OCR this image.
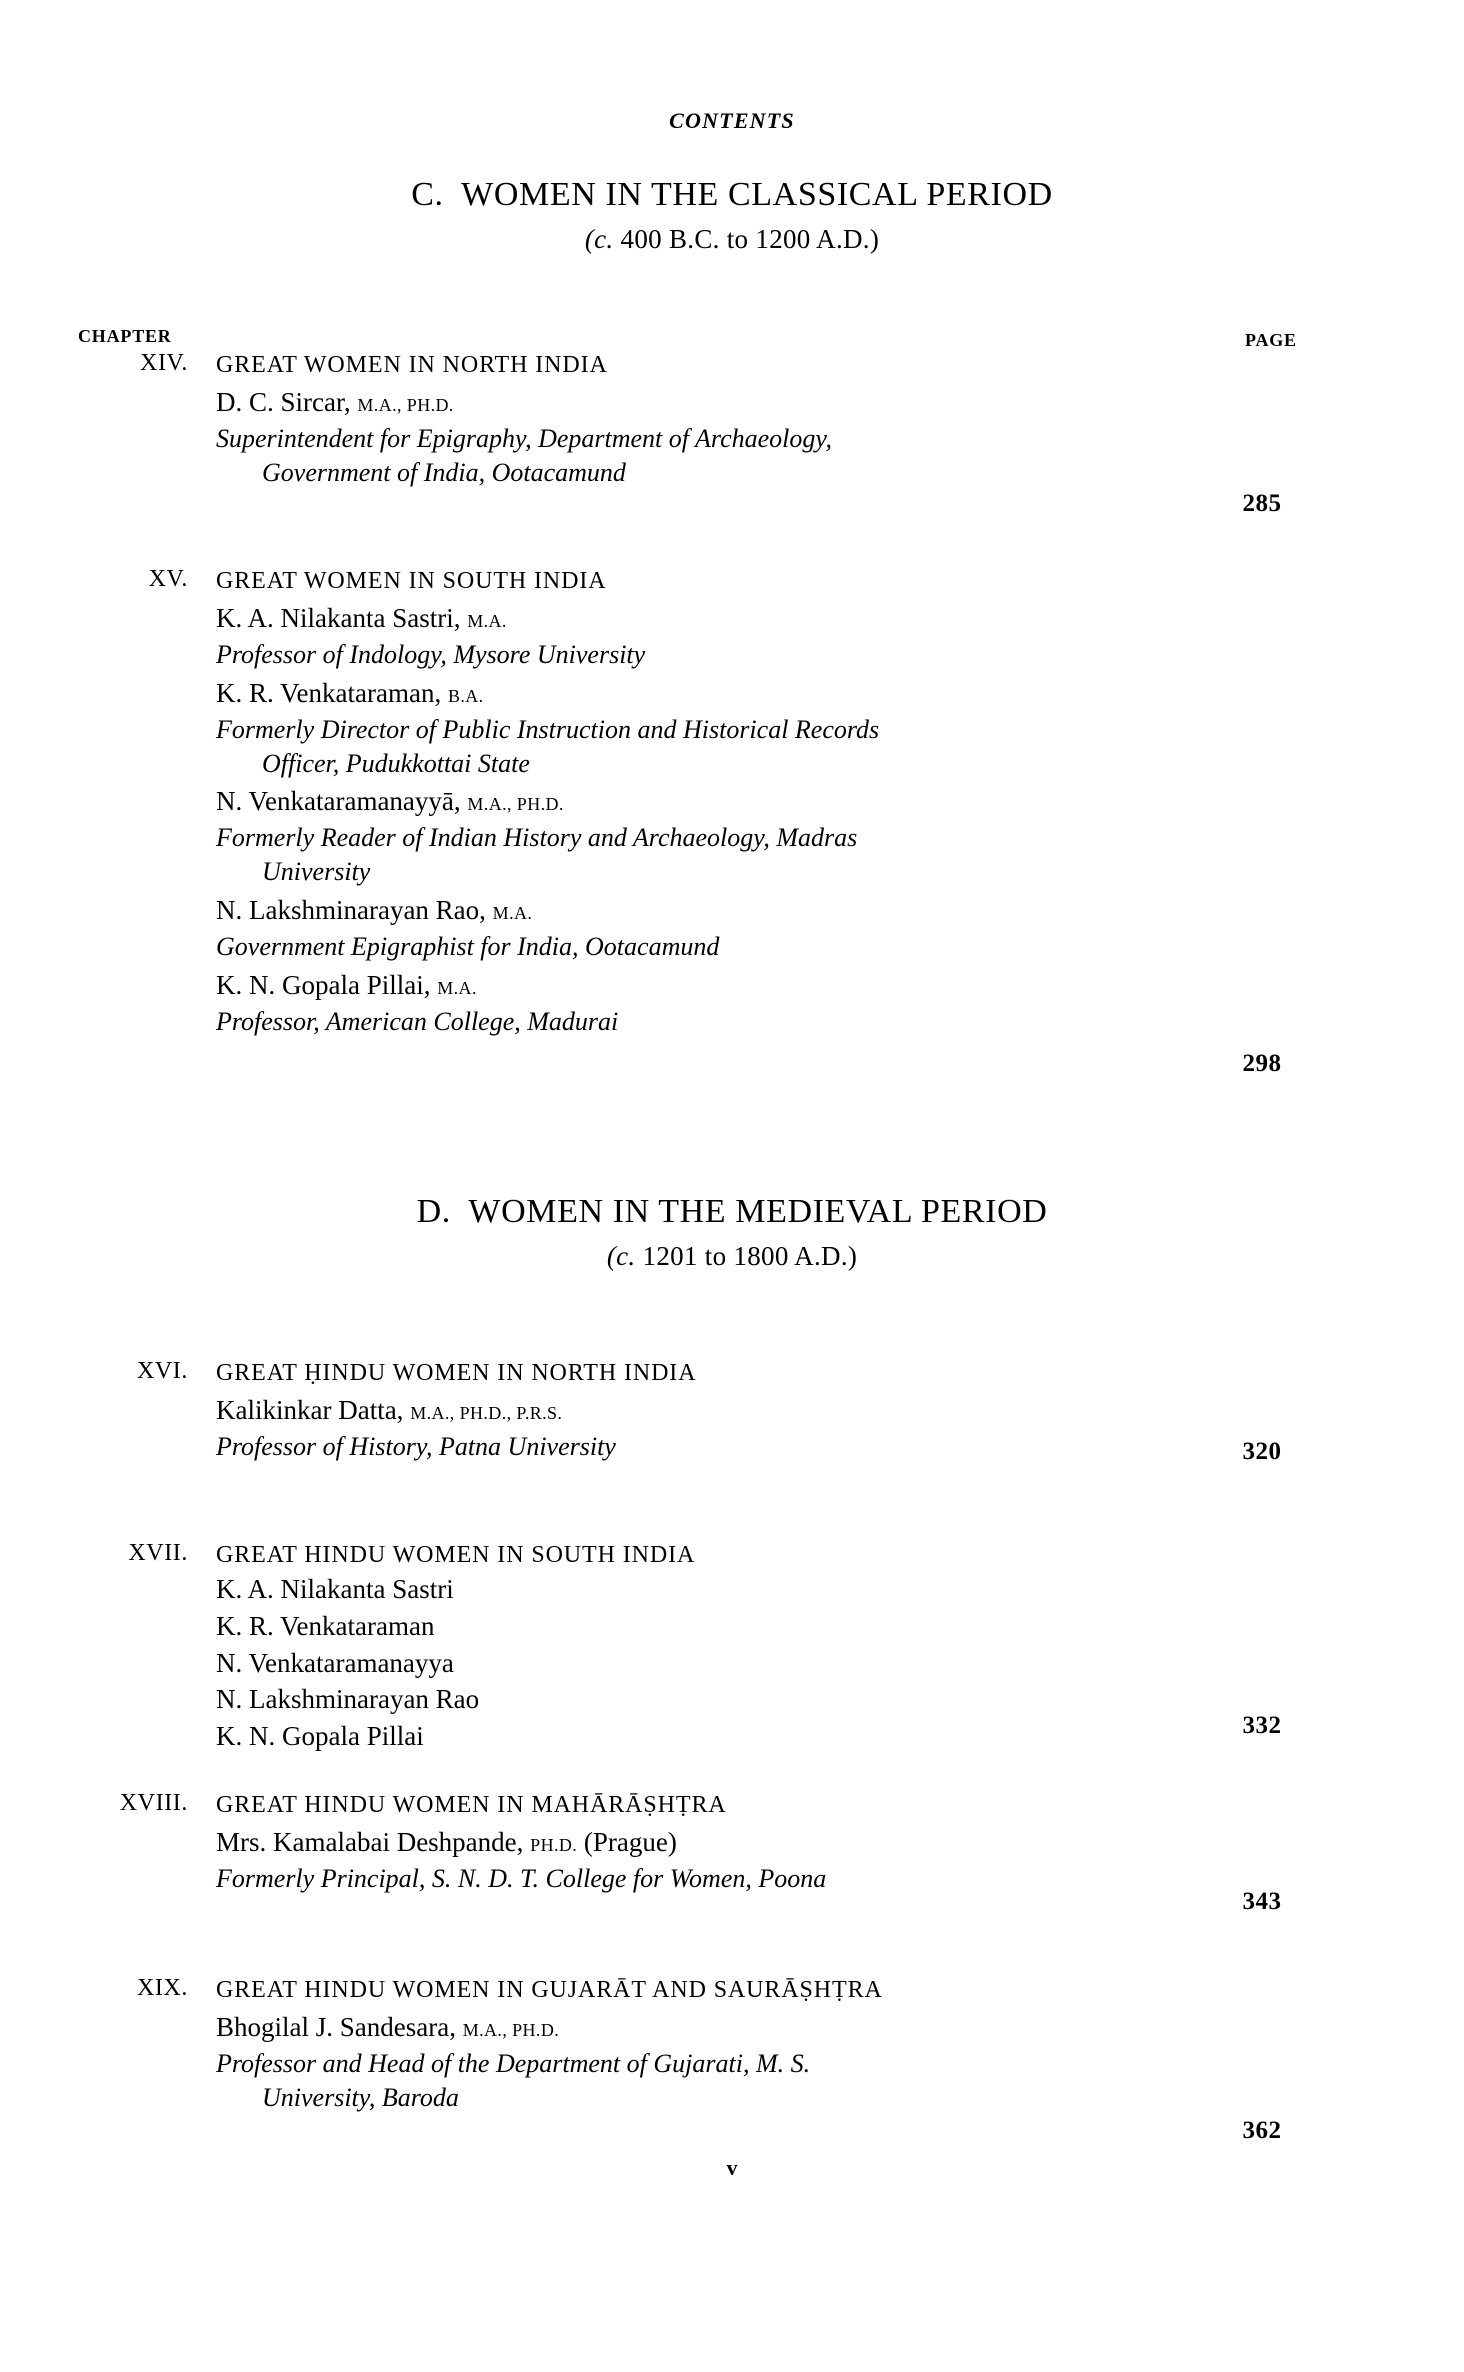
CONTENTS
C.  WOMEN IN THE CLASSICAL PERIOD
(c. 400 B.C. to 1200 A.D.)
CHAPTER	PAGE
XIV. GREAT WOMEN IN NORTH INDIA
D. C. Sircar, M.A., PH.D.
Superintendent for Epigraphy, Department of Archaeology,
Government of India, Ootacamund
285
XV. GREAT WOMEN IN SOUTH INDIA
K. A. Nilakanta Sastri, M.A.
Professor of Indology, Mysore University
K. R. Venkataraman, B.A.
Formerly Director of Public Instruction and Historical Records
Officer, Pudukkottai State
N. Venkataramanayyā, M.A., PH.D.
Formerly Reader of Indian History and Archaeology, Madras
University
N. Lakshminarayan Rao, M.A.
Government Epigraphist for India, Ootacamund
K. N. Gopala Pillai, M.A.
Professor, American College, Madurai
298
D.  WOMEN IN THE MEDIEVAL PERIOD
(c. 1201 to 1800 A.D.)
XVI. GREAT ḤINDU WOMEN IN NORTH INDIA
Kalikinkar Datta, M.A., PH.D., P.R.S.
Professor of History, Patna University	320
XVII. GREAT HINDU WOMEN IN SOUTH INDIA
K. A. Nilakanta Sastri
K. R. Venkataraman
N. Venkataramanayya
N. Lakshminarayan Rao
K. N. Gopala Pillai	332
XVIII. GREAT HINDU WOMEN IN MAHĀRĀṢHṬRA
Mrs. Kamalabai Deshpande, PH.D. (Prague)
Formerly Principal, S. N. D. T. College for Women, Poona
343
XIX. GREAT HINDU WOMEN IN GUJARĀT AND SAURĀṢHṬRA
Bhogilal J. Sandesara, M.A., PH.D.
Professor and Head of the Department of Gujarati, M. S.
University, Baroda
362
v
